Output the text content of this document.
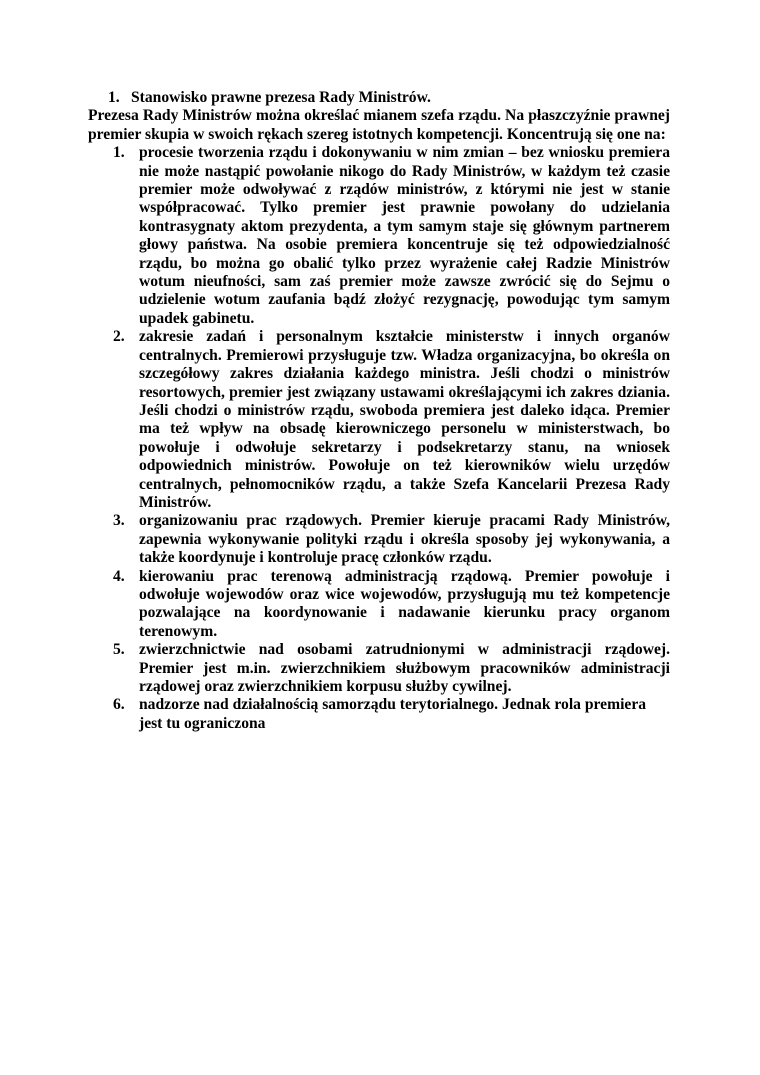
1. Stanowisko prawne prezesa Rady Ministrów.

Prezesa Rady Ministrów można określać mianem szefa rządu. Na płaszczyźnie prawnej premier skupia w swoich rękach szereg istotnych kompetencji. Koncentrują się one na:

1. procesie tworzenia rządu i dokonywaniu w nim zmian – bez wniosku premiera nie może nastąpić powołanie nikogo do Rady Ministrów, w każdym też czasie premier może odwoływać z rządów ministrów, z którymi nie jest w stanie współpracować. Tylko premier jest prawnie powołany do udzielania kontrasygnaty aktom prezydenta, a tym samym staje się głównym partnerem głowy państwa. Na osobie premiera koncentruje się też odpowiedzialność rządu, bo można go obalić tylko przez wyrażenie całej Radzie Ministrów wotum nieufności, sam zaś premier może zawsze zwrócić się do Sejmu o udzielenie wotum zaufania bądź złożyć rezygnację, powodując tym samym upadek gabinetu.
2. zakresie zadań i personalnym kształcie ministerstw i innych organów centralnych. Premierowi przysługuje tzw. Władza organizacyjna, bo określa on szczegółowy zakres działania każdego ministra. Jeśli chodzi o ministrów resortowych, premier jest związany ustawami określającymi ich zakres dziania. Jeśli chodzi o ministrów rządu, swoboda premiera jest daleko idąca. Premier ma też wpływ na obsadę kierowniczego personelu w ministerstwach, bo powołuje i odwołuje sekretarzy i podsekretarzy stanu, na wniosek odpowiednich ministrów. Powołuje on też kierowników wielu urzędów centralnych, pełnomocników rządu, a także Szefa Kancelarii Prezesa Rady Ministrów.
3. organizowaniu prac rządowych. Premier kieruje pracami Rady Ministrów, zapewnia wykonywanie polityki rządu i określa sposoby jej wykonywania, a także koordynuje i kontroluje pracę członków rządu.
4. kierowaniu prac terenową administracją rządową. Premier powołuje i odwołuje wojewodów oraz wice wojewodów, przysługują mu też kompetencje pozwalające na koordynowanie i nadawanie kierunku pracy organom terenowym.
5. zwierzchnictwie nad osobami zatrudnionymi w administracji rządowej. Premier jest m.in. zwierzchnikiem służbowym pracowników administracji rządowej oraz zwierzchnikiem korpusu służby cywilnej.
6. nadzorze nad działalnością samorządu terytorialnego. Jednak rola premiera jest tu ograniczona
